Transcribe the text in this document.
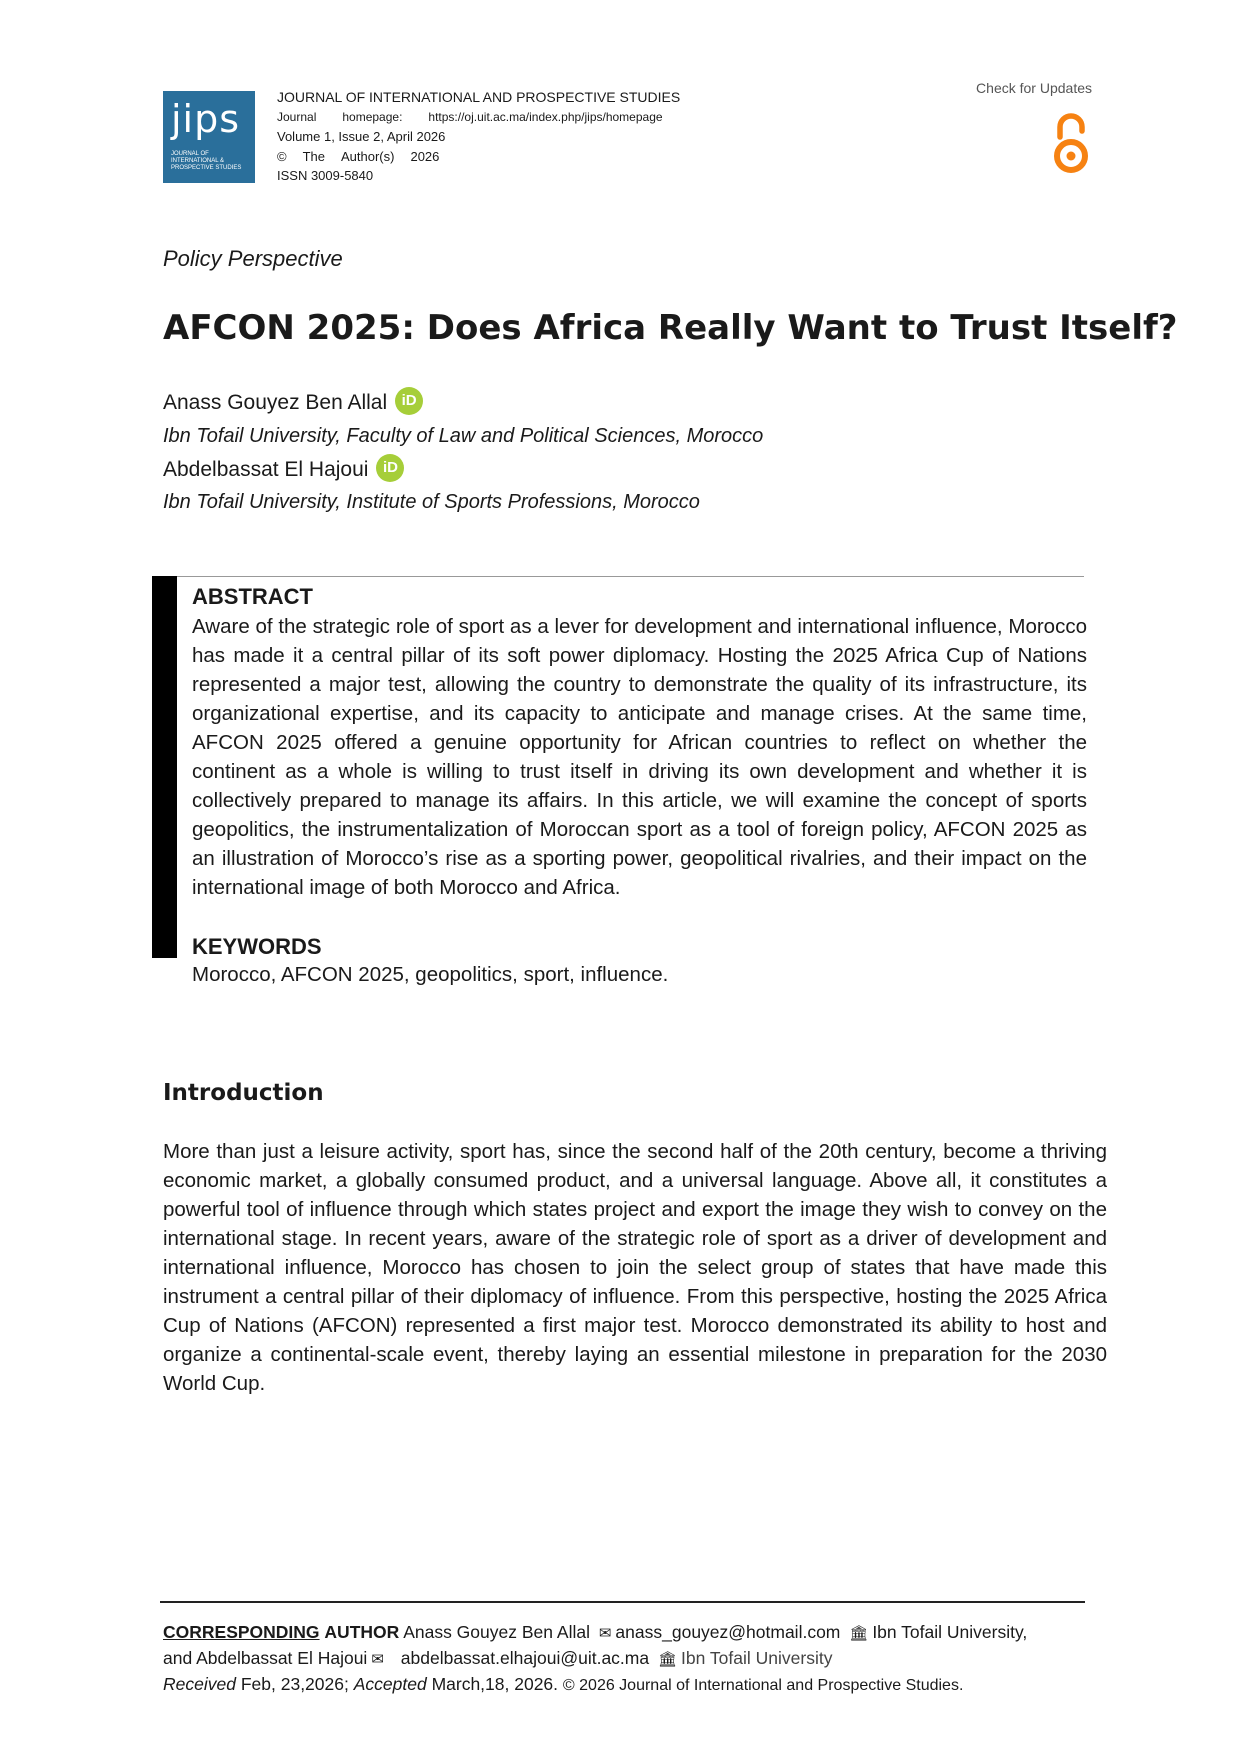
jips
JOURNAL OF INTERNATIONAL & PROSPECTIVE STUDIES
JOURNAL OF INTERNATIONAL AND PROSPECTIVE STUDIES
Journal homepage: https://oj.uit.ac.ma/index.php/jips/homepage
Volume 1, Issue 2, April 2026
© The Author(s) 2026
ISSN 3009-5840
Check for Updates
Policy Perspective
AFCON 2025: Does Africa Really Want to Trust Itself?
Anass Gouyez Ben Allal iD
Ibn Tofail University, Faculty of Law and Political Sciences, Morocco
Abdelbassat El Hajoui iD
Ibn Tofail University, Institute of Sports Professions, Morocco
ABSTRACT
Aware of the strategic role of sport as a lever for development and international influence, Morocco has made it a central pillar of its soft power diplomacy. Hosting the 2025 Africa Cup of Nations represented a major test, allowing the country to demonstrate the quality of its infrastructure, its organizational expertise, and its capacity to anticipate and manage crises. At the same time, AFCON 2025 offered a genuine opportunity for African countries to reflect on whether the continent as a whole is willing to trust itself in driving its own development and whether it is collectively prepared to manage its affairs. In this article, we will examine the concept of sports geopolitics, the instrumentalization of Moroccan sport as a tool of foreign policy, AFCON 2025 as an illustration of Morocco’s rise as a sporting power, geopolitical rivalries, and their impact on the international image of both Morocco and Africa.
KEYWORDS
Morocco, AFCON 2025, geopolitics, sport, influence.
Introduction
More than just a leisure activity, sport has, since the second half of the 20th century, become a thriving economic market, a globally consumed product, and a universal language. Above all, it constitutes a powerful tool of influence through which states project and export the image they wish to convey on the international stage. In recent years, aware of the strategic role of sport as a driver of development and international influence, Morocco has chosen to join the select group of states that have made this instrument a central pillar of their diplomacy of influence. From this perspective, hosting the 2025 Africa Cup of Nations (AFCON) represented a first major test. Morocco demonstrated its ability to host and organize a continental-scale event, thereby laying an essential milestone in preparation for the 2030 World Cup.
CORRESPONDING AUTHOR Anass Gouyez Ben Allal ✉ anass_gouyez@hotmail.com 🏛 Ibn Tofail University,
and Abdelbassat El Hajoui ✉ abdelbassat.elhajoui@uit.ac.ma 🏛 Ibn Tofail University
Received Feb, 23,2026; Accepted March,18, 2026. © 2026 Journal of International and Prospective Studies.
